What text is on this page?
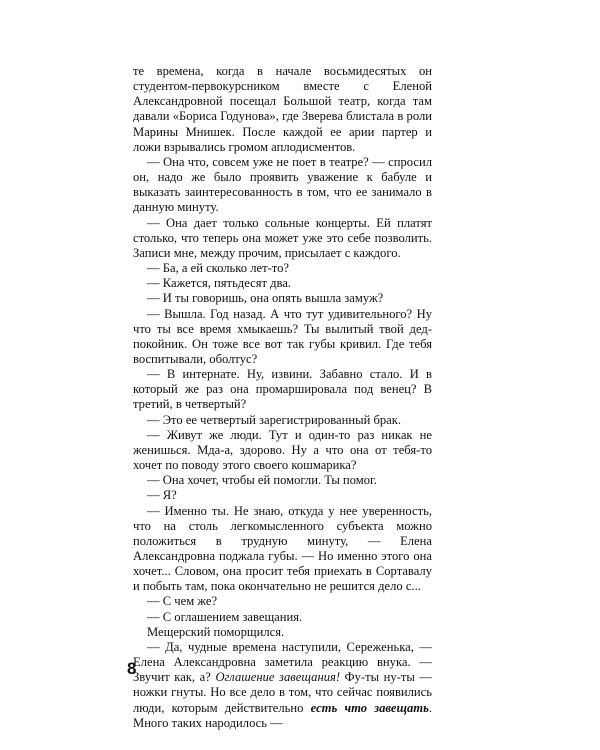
те времена, когда в начале восьмидесятых он студентом-первокурсником вместе с Еленой Александровной посещал Большой театр, когда там давали «Бориса Годунова», где Зверева блистала в роли Марины Мнишек. После каждой ее арии партер и ложи взрывались громом аплодисментов.

— Она что, совсем уже не поет в театре? — спросил он, надо же было проявить уважение к бабуле и выказать заинтересованность в том, что ее занимало в данную минуту.

— Она дает только сольные концерты. Ей платят столько, что теперь она может уже это себе позволить. Записи мне, между прочим, присылает с каждого.

— Ба, а ей сколько лет-то?

— Кажется, пятьдесят два.

— И ты говоришь, она опять вышла замуж?

— Вышла. Год назад. А что тут удивительного? Ну что ты все время хмыкаешь? Ты вылитый твой дед-покойник. Он тоже все вот так губы кривил. Где тебя воспитывали, оболтус?

— В интернате. Ну, извини. Забавно стало. И в который же раз она промаршировала под венец? В третий, в четвертый?

— Это ее четвертый зарегистрированный брак.

— Живут же люди. Тут и один-то раз никак не женишься. Мда-а, здорово. Ну а что она от тебя-то хочет по поводу этого своего кошмарика?

— Она хочет, чтобы ей помогли. Ты помог.

— Я?

— Именно ты. Не знаю, откуда у нее уверенность, что на столь легкомысленного субъекта можно положиться в трудную минуту, — Елена Александровна поджала губы. — Но именно этого она хочет... Словом, она просит тебя приехать в Сортавалу и побыть там, пока окончательно не решится дело с...

— С чем же?

— С оглашением завещания.

Мещерский поморщился.

— Да, чудные времена наступили, Сереженька, — Елена Александровна заметила реакцию внука. — Звучит как, а? Оглашение завещания! Фу-ты ну-ты — ножки гнуты. Но все дело в том, что сейчас появились люди, которым действительно есть что завещать. Много таких народилось —

8
